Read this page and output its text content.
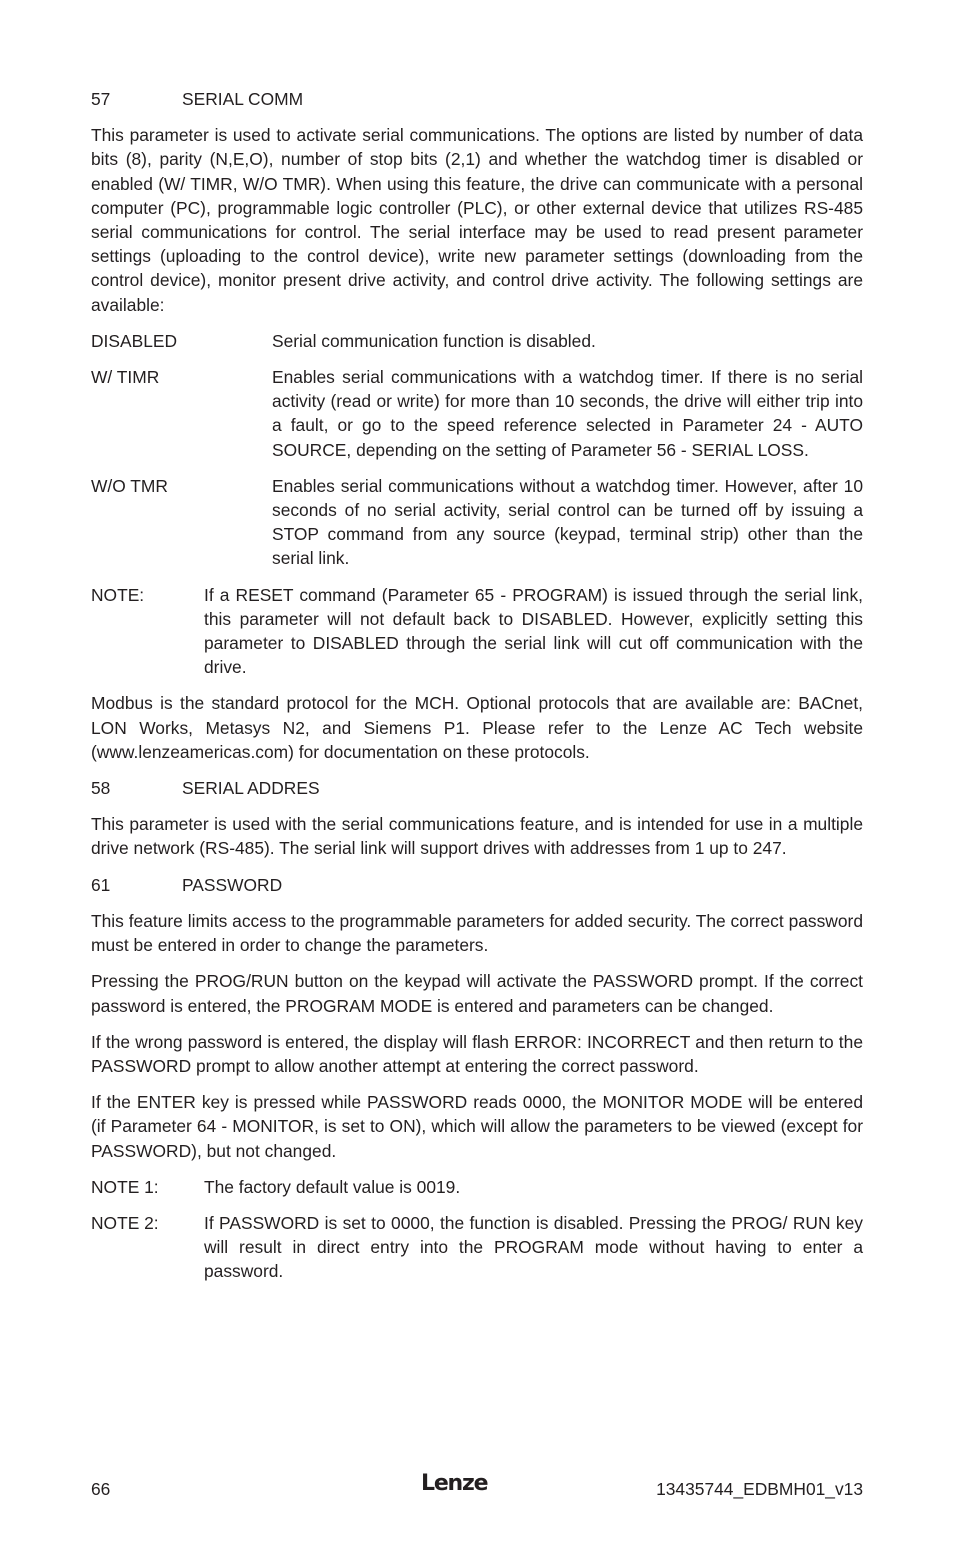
57	SERIAL COMM

This parameter is used to activate serial communications. The options are listed by number of data bits (8), parity (N,E,O), number of stop bits (2,1) and whether the watchdog timer is disabled or enabled (W/ TIMR, W/O TMR). When using this feature, the drive can communicate with a personal computer (PC), programmable logic controller (PLC), or other external device that utilizes RS-485 serial communications for control. The serial interface may be used to read present parameter settings (uploading to the control device), write new parameter settings (downloading from the control device), monitor present drive activity, and control drive activity. The following settings are available:

DISABLED	Serial communication function is disabled.
W/ TIMR	Enables serial communications with a watchdog timer. If there is no serial activity (read or write) for more than 10 seconds, the drive will either trip into a fault, or go to the speed reference selected in Parameter 24 - AUTO SOURCE, depending on the setting of Parameter 56 - SERIAL LOSS.
W/O TMR	Enables serial communications without a watchdog timer. However, after 10 seconds of no serial activity, serial control can be turned off by issuing a STOP command from any source (keypad, terminal strip) other than the serial link.
NOTE:	If a RESET command (Parameter 65 - PROGRAM) is issued through the serial link, this parameter will not default back to DISABLED. However, explicitly setting this parameter to DISABLED through the serial link will cut off communication with the drive.

Modbus is the standard protocol for the MCH. Optional protocols that are available are: BACnet, LON Works, Metasys N2, and Siemens P1. Please refer to the Lenze AC Tech website (www.lenzeamericas.com) for documentation on these protocols.

58	SERIAL ADDRES

This parameter is used with the serial communications feature, and is intended for use in a multiple drive network (RS-485). The serial link will support drives with addresses from 1 up to 247.

61	PASSWORD

This feature limits access to the programmable parameters for added security. The correct password must be entered in order to change the parameters.

Pressing the PROG/RUN button on the keypad will activate the PASSWORD prompt. If the correct password is entered, the PROGRAM MODE is entered and parameters can be changed.

If the wrong password is entered, the display will flash ERROR: INCORRECT and then return to the PASSWORD prompt to allow another attempt at entering the correct password.

If the ENTER key is pressed while PASSWORD reads 0000, the MONITOR MODE will be entered (if Parameter 64 - MONITOR, is set to ON), which will allow the parameters to be viewed (except for PASSWORD), but not changed.

NOTE 1:	The factory default value is 0019.
NOTE 2:	If PASSWORD is set to 0000, the function is disabled. Pressing the PROG/ RUN key will result in direct entry into the PROGRAM mode without having to enter a password.
66	Lenze	13435744_EDBMH01_v13
